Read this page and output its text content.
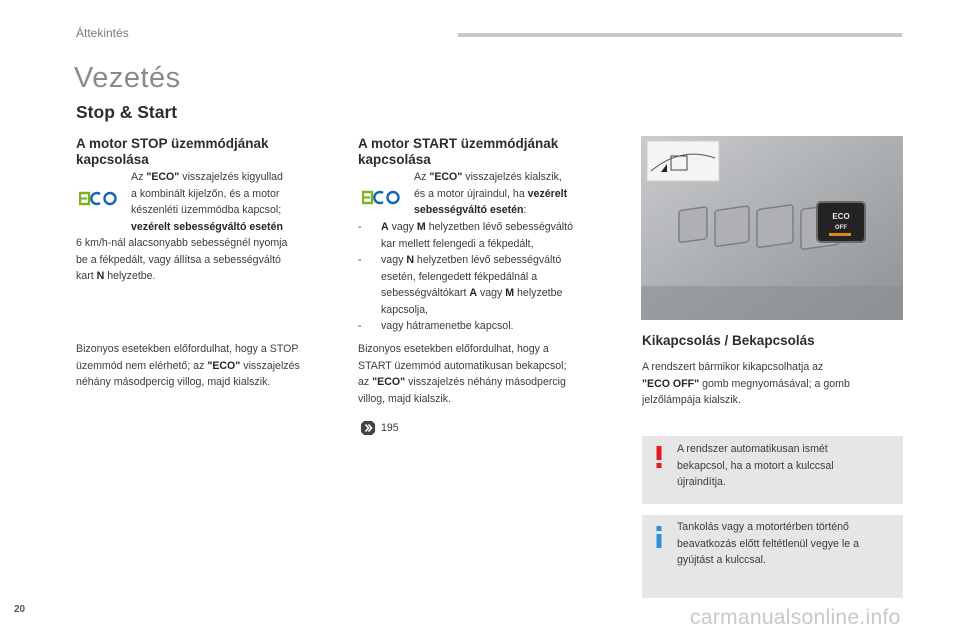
Áttekintés
Vezetés
Stop & Start
A motor STOP üzemmódjának
kapcsolása
Az "ECO" visszajelzés kigyullad
a kombinált kijelzőn, és a motor
készenléti üzemmódba kapcsol;
vezérelt sebességváltó esetén
6 km/h-nál alacsonyabb sebességnél nyomja
be a fékpedált, vagy állítsa a sebességváltó
kart N helyzetbe.
Bizonyos esetekben előfordulhat, hogy a STOP
üzemmód nem elérhető; az "ECO" visszajelzés
néhány másodpercig villog, majd kialszik.
A motor START üzemmódjának
kapcsolása
Az "ECO" visszajelzés kialszik,
és a motor újraindul, ha vezérelt
sebességváltó esetén:
- A vagy M helyzetben lévő sebességváltó
kar mellett felengedi a fékpedált,
- vagy N helyzetben lévő sebességváltó
esetén, felengedett fékpedálnál a
sebességváltókart A vagy M helyzetbe
kapcsolja,
- vagy hátramenetbe kapcsol.
Bizonyos esetekben előfordulhat, hogy a
START üzemmód automatikusan bekapcsol;
az "ECO" visszajelzés néhány másodpercig
villog, majd kialszik.
195
ECO
OFF
Kikapcsolás / Bekapcsolás
A rendszert bármikor kikapcsolhatja az
"ECO OFF" gomb megnyomásával; a gomb
jelzőlámpája kialszik.
A rendszer automatikusan ismét
bekapcsol, ha a motort a kulccsal
újraindítja.
Tankolás vagy a motortérben történő
beavatkozás előtt feltétlenül vegye le a
gyújtást a kulccsal.
20	carmanualsonline.info
